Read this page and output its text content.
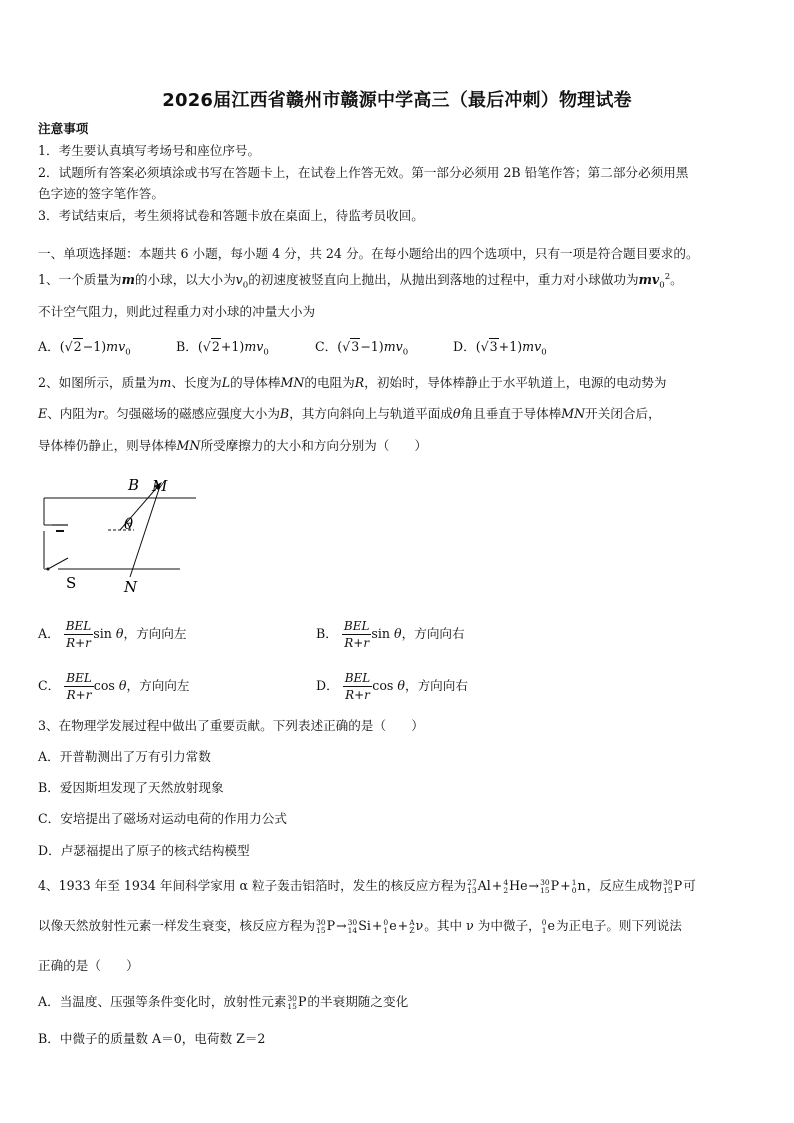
2026届江西省赣州市赣源中学高三（最后冲刺）物理试卷
注意事项
1．考生要认真填写考场号和座位序号。
2．试题所有答案必须填涂或书写在答题卡上，在试卷上作答无效。第一部分必须用 2B 铅笔作答；第二部分必须用黑
色字迹的签字笔作答。
3．考试结束后，考生须将试卷和答题卡放在桌面上，待监考员收回。
一、单项选择题：本题共 6 小题，每小题 4 分，共 24 分。在每小题给出的四个选项中，只有一项是符合题目要求的。
1、一个质量为m的小球，以大小为$v_0$的初速度被竖直向上抛出，从抛出到落地的过程中，重力对小球做功为$mv_0^2$。
不计空气阻力，则此过程重力对小球的冲量大小为
A．$(√2-1)mv_0$	B．$(√2+1)mv_0$	C．$(√3-1)mv_0$	D．$(√3+1)mv_0$
2、如图所示，质量为m、长度为L的导体棒MN的电阻为R，初始时，导体棒静止于水平轨道上，电源的电动势为
E、内阻为r。匀强磁场的磁感应强度大小为B，其方向斜向上与轨道平面成θ角且垂直于导体棒MN开关闭合后，
导体棒仍静止，则导体棒MN所受摩擦力的大小和方向分别为（　　）
B M
θ
S	N
A． $\frac{\text{BEL}}{R+r}$ sin θ，方向向左	B． $\frac{\text{BEL}}{R+r}$ sin θ，方向向右
C． $\frac{\text{BEL}}{R+r}$ cos θ，方向向左	D． $\frac{\text{BEL}}{R+r}$ cos θ，方向向右
3、在物理学发展过程中做出了重要贡献。下列表述正确的是（　　）
A．开普勒测出了万有引力常数
B．爱因斯坦发现了天然放射现象
C．安培提出了磁场对运动电荷的作用力公式
D．卢瑟福提出了原子的核式结构模型
4、1933 年至 1934 年间科学家用 α 粒子轰击铝箔时，发生的核反应方程为27
13Al+4
2He→30
15P+1
0n，反应生成物30
15P可
以像天然放射性元素一样发生衰变，核反应方程为30
15P→30
14Si+0
1e+A
Zν。其中 ν 为中微子，0
1e为正电子。则下列说法
正确的是（　　）
A．当温度、压强等条件变化时，放射性元素30
15P的半衰期随之变化
B．中微子的质量数 A＝0，电荷数 Z＝2
